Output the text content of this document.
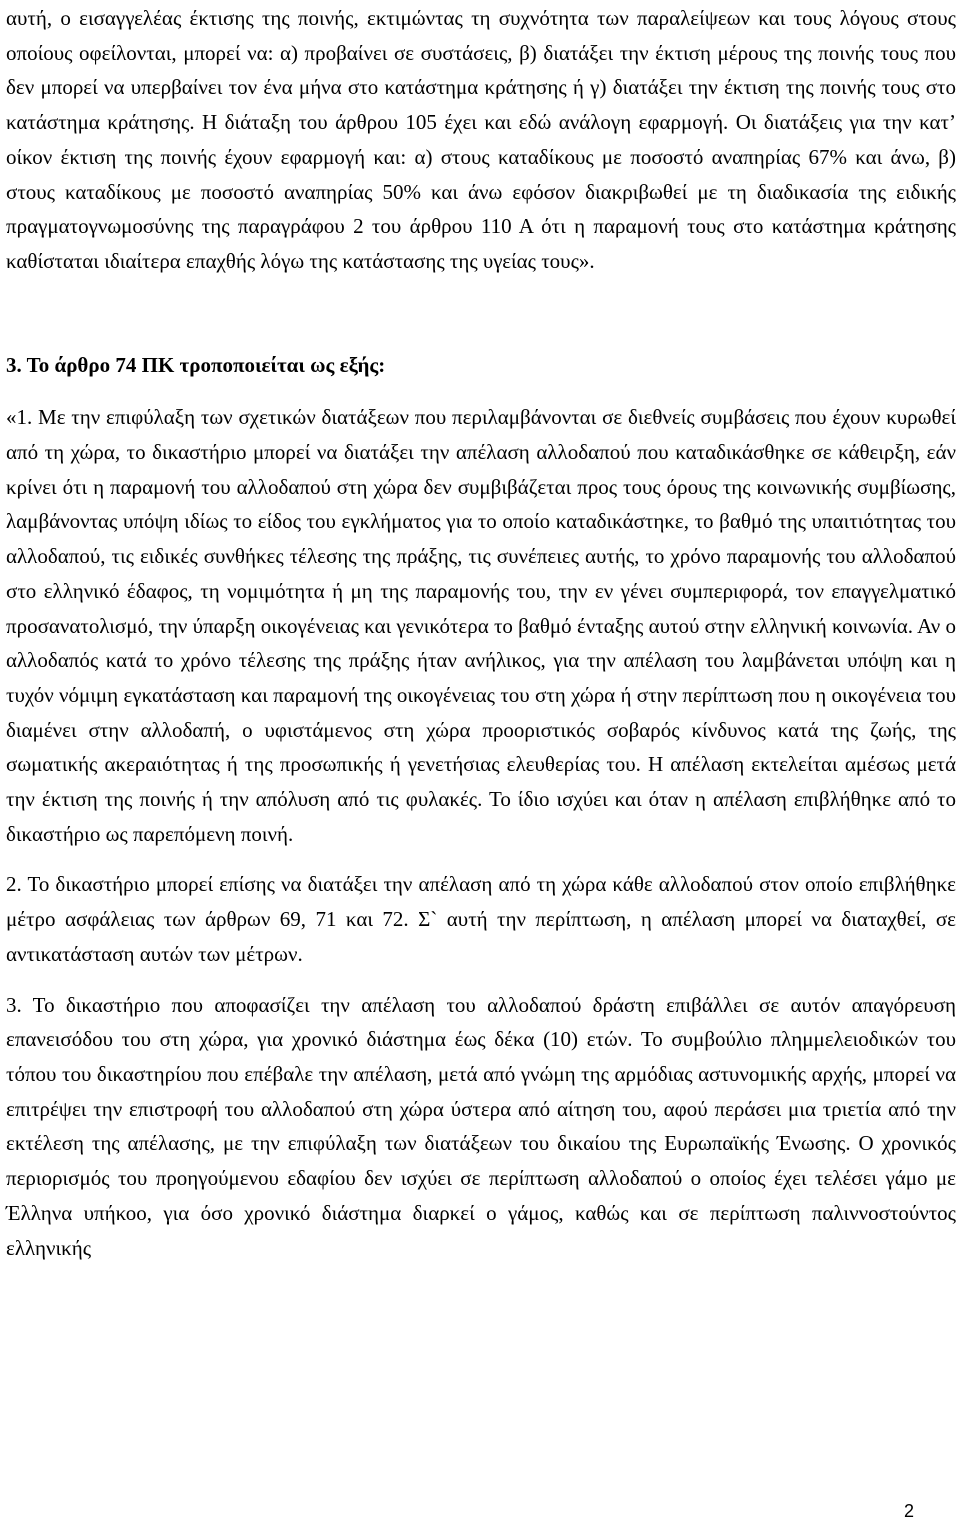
αυτή, ο εισαγγελέας έκτισης της ποινής, εκτιμώντας τη συχνότητα των παραλείψεων και τους λόγους στους οποίους οφείλονται, μπορεί να: α) προβαίνει σε συστάσεις, β) διατάξει την έκτιση μέρους της ποινής τους που δεν μπορεί να υπερβαίνει τον ένα μήνα στο κατάστημα κράτησης ή γ) διατάξει την έκτιση της ποινής τους στο κατάστημα κράτησης. Η διάταξη του άρθρου 105 έχει και εδώ ανάλογη εφαρμογή. Οι διατάξεις για την κατ’ οίκον έκτιση της ποινής έχουν εφαρμογή και: α) στους καταδίκους με ποσοστό αναπηρίας 67% και άνω, β) στους καταδίκους με ποσοστό αναπηρίας 50% και άνω εφόσον διακριβωθεί με τη διαδικασία της ειδικής πραγματογνωμοσύνης της παραγράφου 2 του άρθρου 110 Α ότι η παραμονή τους στο κατάστημα κράτησης καθίσταται ιδιαίτερα επαχθής λόγω της κατάστασης της υγείας τους».

3. Το άρθρο 74 ΠΚ τροποποιείται ως εξής:

«1. Με την επιφύλαξη των σχετικών διατάξεων που περιλαμβάνονται σε διεθνείς συμβάσεις που έχουν κυρωθεί από τη χώρα, το δικαστήριο μπορεί να διατάξει την απέλαση αλλοδαπού που καταδικάσθηκε σε κάθειρξη, εάν κρίνει ότι η παραμονή του αλλοδαπού στη χώρα δεν συμβιβάζεται προς τους όρους της κοινωνικής συμβίωσης, λαμβάνοντας υπόψη ιδίως το είδος του εγκλήματος για το οποίο καταδικάστηκε, το βαθμό της υπαιτιότητας του αλλοδαπού, τις ειδικές συνθήκες τέλεσης της πράξης, τις συνέπειες αυτής, το χρόνο παραμονής του αλλοδαπού στο ελληνικό έδαφος, τη νομιμότητα ή μη της παραμονής του, την εν γένει συμπεριφορά, τον επαγγελματικό προσανατολισμό, την ύπαρξη οικογένειας και γενικότερα το βαθμό ένταξης αυτού στην ελληνική κοινωνία. Αν ο αλλοδαπός κατά το χρόνο τέλεσης της πράξης ήταν ανήλικος, για την απέλαση του λαμβάνεται υπόψη και η τυχόν νόμιμη εγκατάσταση και παραμονή της οικογένειας του στη χώρα ή στην περίπτωση που η οικογένεια του διαμένει στην αλλοδαπή, ο υφιστάμενος στη χώρα προοριστικός σοβαρός κίνδυνος κατά της ζωής, της σωματικής ακεραιότητας ή της προσωπικής ή γενετήσιας ελευθερίας του. Η απέλαση εκτελείται αμέσως μετά την έκτιση της ποινής ή την απόλυση από τις φυλακές. Το ίδιο ισχύει και όταν η απέλαση επιβλήθηκε από το δικαστήριο ως παρεπόμενη ποινή.

2. Το δικαστήριο μπορεί επίσης να διατάξει την απέλαση από τη χώρα κάθε αλλοδαπού στον οποίο επιβλήθηκε μέτρο ασφάλειας των άρθρων 69, 71 και 72. Σ` αυτή την περίπτωση, η απέλαση μπορεί να διαταχθεί, σε αντικατάσταση αυτών των μέτρων.

3. Το δικαστήριο που αποφασίζει την απέλαση του αλλοδαπού δράστη επιβάλλει σε αυτόν απαγόρευση επανεισόδου του στη χώρα, για χρονικό διάστημα έως δέκα (10) ετών. Το συμβούλιο πλημμελειοδικών του τόπου του δικαστηρίου που επέβαλε την απέλαση, μετά από γνώμη της αρμόδιας αστυνομικής αρχής, μπορεί να επιτρέψει την επιστροφή του αλλοδαπού στη χώρα ύστερα από αίτηση του, αφού περάσει μια τριετία από την εκτέλεση της απέλασης, με την επιφύλαξη των διατάξεων του δικαίου της Ευρωπαϊκής Ένωσης. Ο χρονικός περιορισμός του προηγούμενου εδαφίου δεν ισχύει σε περίπτωση αλλοδαπού ο οποίος έχει τελέσει γάμο με Έλληνα υπήκοο, για όσο χρονικό διάστημα διαρκεί ο γάμος, καθώς και σε περίπτωση παλιννοστούντος ελληνικής

2
